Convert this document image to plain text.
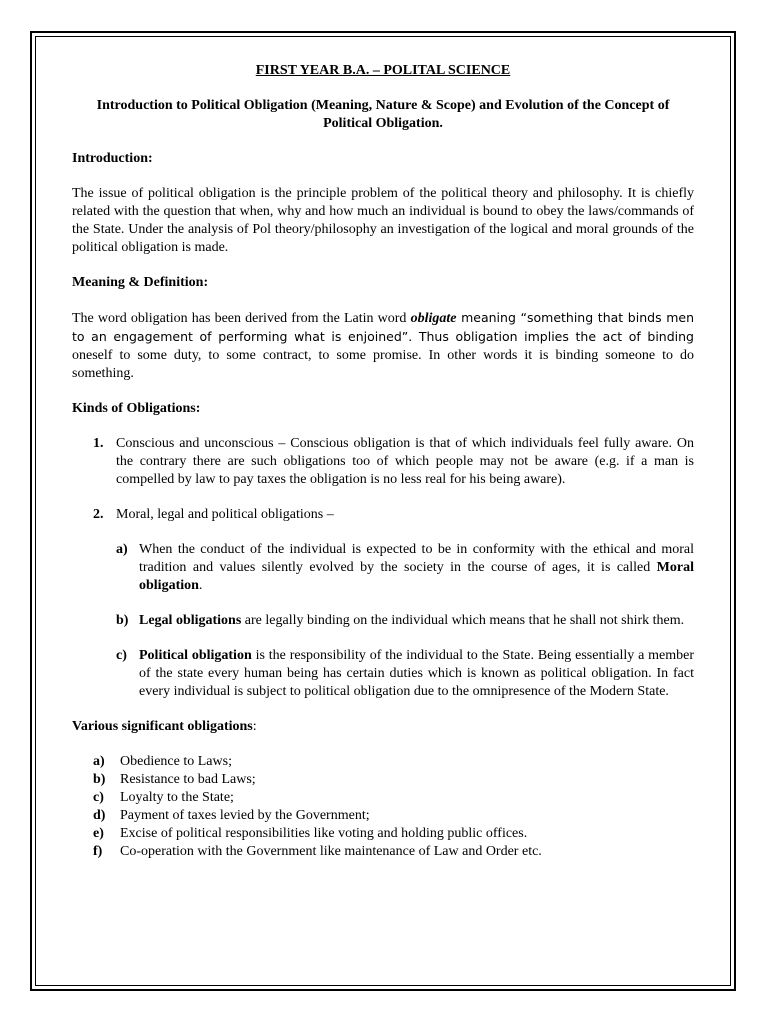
FIRST YEAR B.A. – POLITAL SCIENCE
Introduction to Political Obligation (Meaning, Nature & Scope) and Evolution of the Concept of Political Obligation.
Introduction:
The issue of political obligation is the principle problem of the political theory and philosophy. It is chiefly related with the question that when, why and how much an individual is bound to obey the laws/commands of the State. Under the analysis of Pol theory/philosophy an investigation of the logical and moral grounds of the political obligation is made.
Meaning & Definition:
The word obligation has been derived from the Latin word obligate meaning “something that binds men to an engagement of performing what is enjoined”. Thus obligation implies the act of binding oneself to some duty, to some contract, to some promise. In other words it is binding someone to do something.
Kinds of Obligations:
1. Conscious and unconscious – Conscious obligation is that of which individuals feel fully aware. On the contrary there are such obligations too of which people may not be aware (e.g. if a man is compelled by law to pay taxes the obligation is no less real for his being aware).
2. Moral, legal and political obligations –
a) When the conduct of the individual is expected to be in conformity with the ethical and moral tradition and values silently evolved by the society in the course of ages, it is called Moral obligation.
b) Legal obligations are legally binding on the individual which means that he shall not shirk them.
c) Political obligation is the responsibility of the individual to the State. Being essentially a member of the state every human being has certain duties which is known as political obligation. In fact every individual is subject to political obligation due to the omnipresence of the Modern State.
Various significant obligations:
a) Obedience to Laws;
b) Resistance to bad Laws;
c) Loyalty to the State;
d) Payment of taxes levied by the Government;
e) Excise of political responsibilities like voting and holding public offices.
f) Co-operation with the Government like maintenance of Law and Order etc.
